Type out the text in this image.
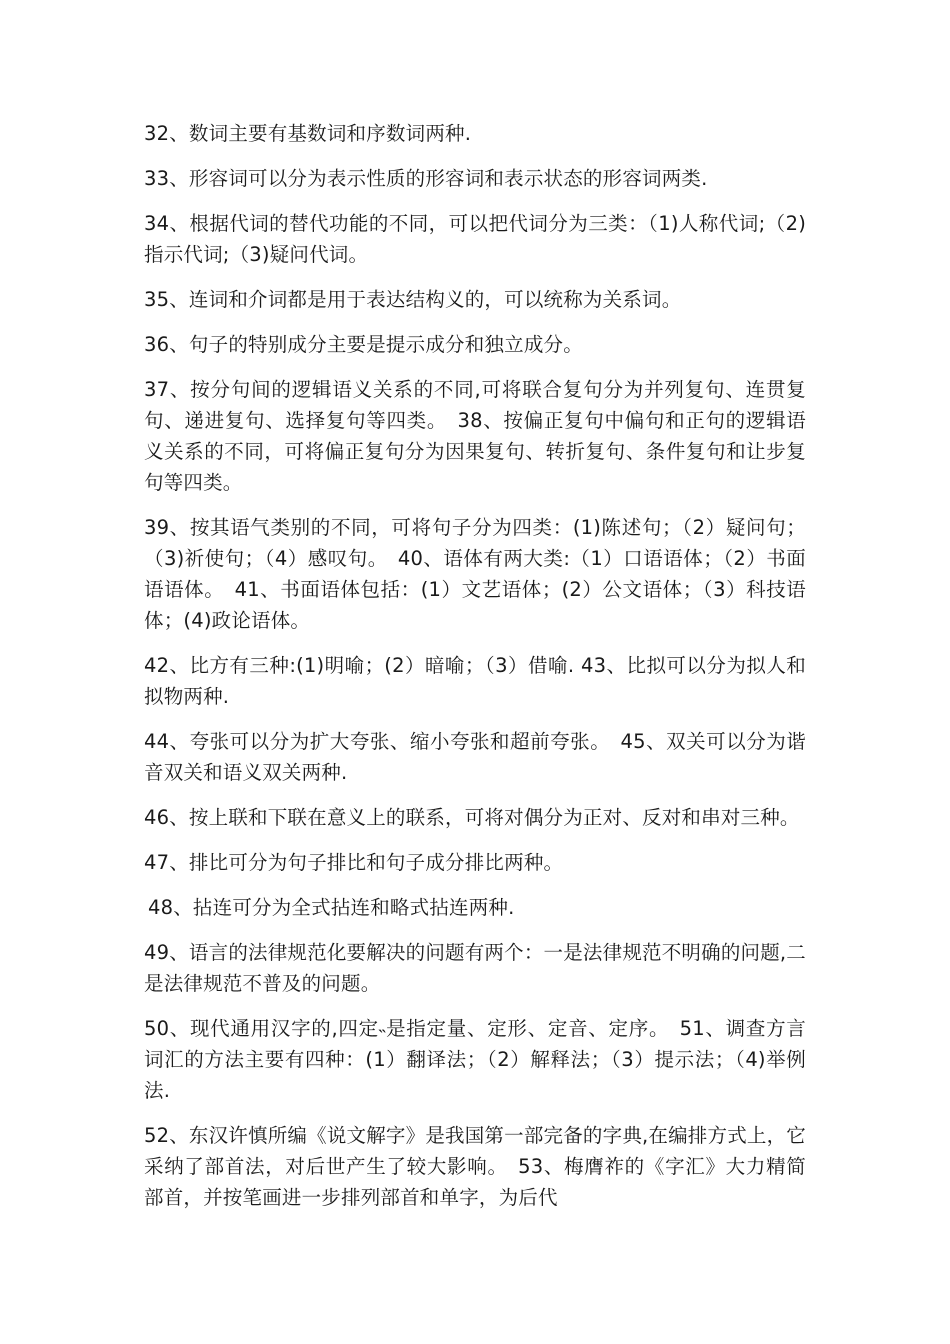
32、数词主要有基数词和序数词两种.

33、形容词可以分为表示性质的形容词和表示状态的形容词两类.

34、根据代词的替代功能的不同，可以把代词分为三类：（1)人称代词;（2)指示代词;（3)疑问代词。

35、连词和介词都是用于表达结构义的，可以统称为关系词。

36、句子的特别成分主要是提示成分和独立成分。

37、按分句间的逻辑语义关系的不同,可将联合复句分为并列复句、连贯复句、递进复句、选择复句等四类。　38、按偏正复句中偏句和正句的逻辑语义关系的不同，可将偏正复句分为因果复句、转折复句、条件复句和让步复句等四类。

39、按其语气类别的不同，可将句子分为四类：(1)陈述句；（2）疑问句；（3)祈使句；（4）感叹句。　40、语体有两大类:（1）口语语体；（2）书面语语体。　41、书面语体包括：(1）文艺语体；(2）公文语体；（3）科技语体；(4)政论语体。

42、比方有三种:(1)明喻；(2）暗喻；（3）借喻. 43、比拟可以分为拟人和拟物两种.

44、夸张可以分为扩大夸张、缩小夸张和超前夸张。　45、双关可以分为谐音双关和语义双关两种.

46、按上联和下联在意义上的联系，可将对偶分为正对、反对和串对三种。

47、排比可分为句子排比和句子成分排比两种。

48、拈连可分为全式拈连和略式拈连两种.

49、语言的法律规范化要解决的问题有两个：一是法律规范不明确的问题,二是法律规范不普及的问题。

50、现代通用汉字的,四定˵是指定量、定形、定音、定序。　51、调查方言词汇的方法主要有四种：(1）翻译法；（2）解释法；（3）提示法；（4)举例法.

52、东汉许慎所编《说文解字》是我国第一部完备的字典,在编排方式上，它采纳了部首法，对后世产生了较大影响。　53、梅膺祚的《字汇》大力精简部首，并按笔画进一步排列部首和单字，为后代
